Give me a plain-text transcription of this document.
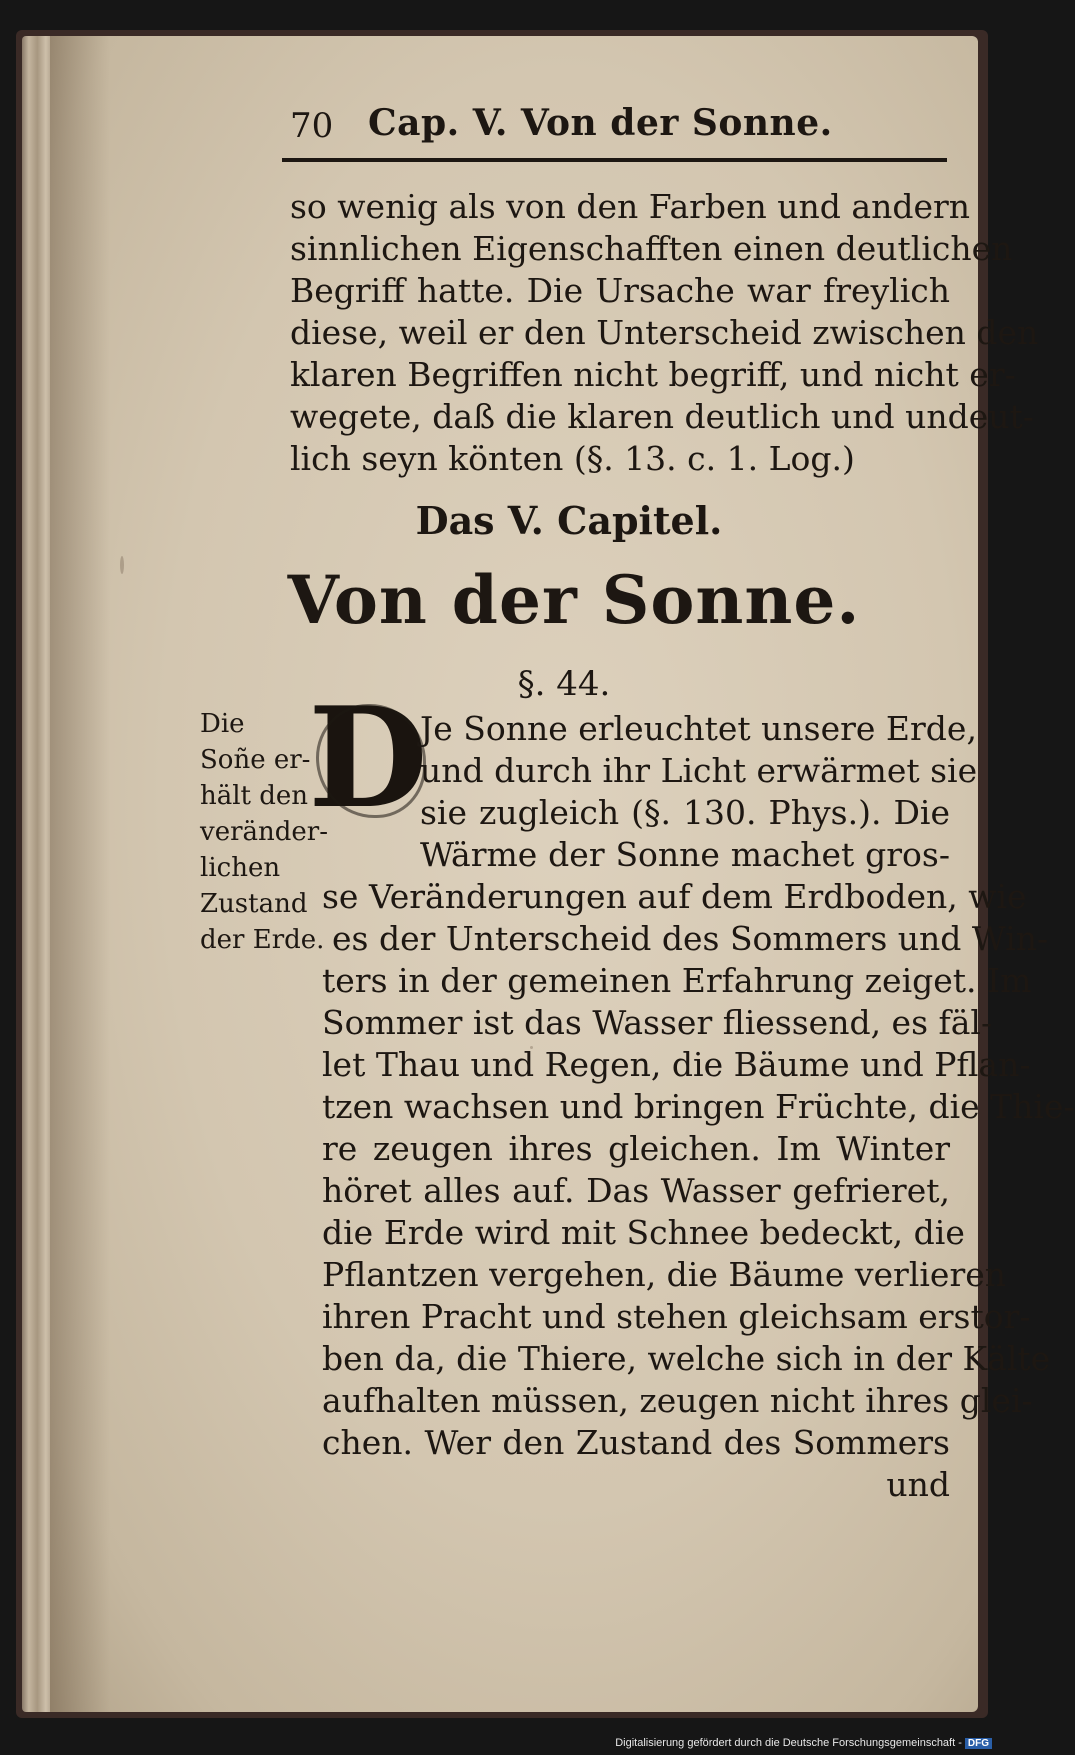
70 Cap. V. Von der Sonne.
so wenig als von den Farben und andern
sinnlichen Eigenschafften einen deutlichen
Begriff hatte. Die Ursache war freylich
diese, weil er den Unterscheid zwischen den
klaren Begriffen nicht begriff, und nicht er-
wegete, daß die klaren deutlich und undeut-
lich seyn könten (§. 13. c. 1. Log.)
Das V. Capitel.
Von der Sonne.
§. 44.
D
Die
Soñe er-
hält den
veränder-
lichen
Zustand
der Erde.
Je Sonne erleuchtet unsere Erde,
und durch ihr Licht erwärmet sie
sie zugleich (§. 130. Phys.). Die
Wärme der Sonne machet gros-
se Veränderungen auf dem Erdboden, wie
es der Unterscheid des Sommers und Win-
ters in der gemeinen Erfahrung zeiget. Im
Sommer ist das Wasser fliessend, es fäl-
let Thau und Regen, die Bäume und Pflan-
tzen wachsen und bringen Früchte, die Thie-
re zeugen ihres gleichen. Im Winter
höret alles auf. Das Wasser gefrieret,
die Erde wird mit Schnee bedeckt, die
Pflantzen vergehen, die Bäume verlieren
ihren Pracht und stehen gleichsam erstor-
ben da, die Thiere, welche sich in der Kälte
aufhalten müssen, zeugen nicht ihres glei-
chen. Wer den Zustand des Sommers
und
Digitalisierung gefördert durch die Deutsche Forschungsgemeinschaft - DFG
